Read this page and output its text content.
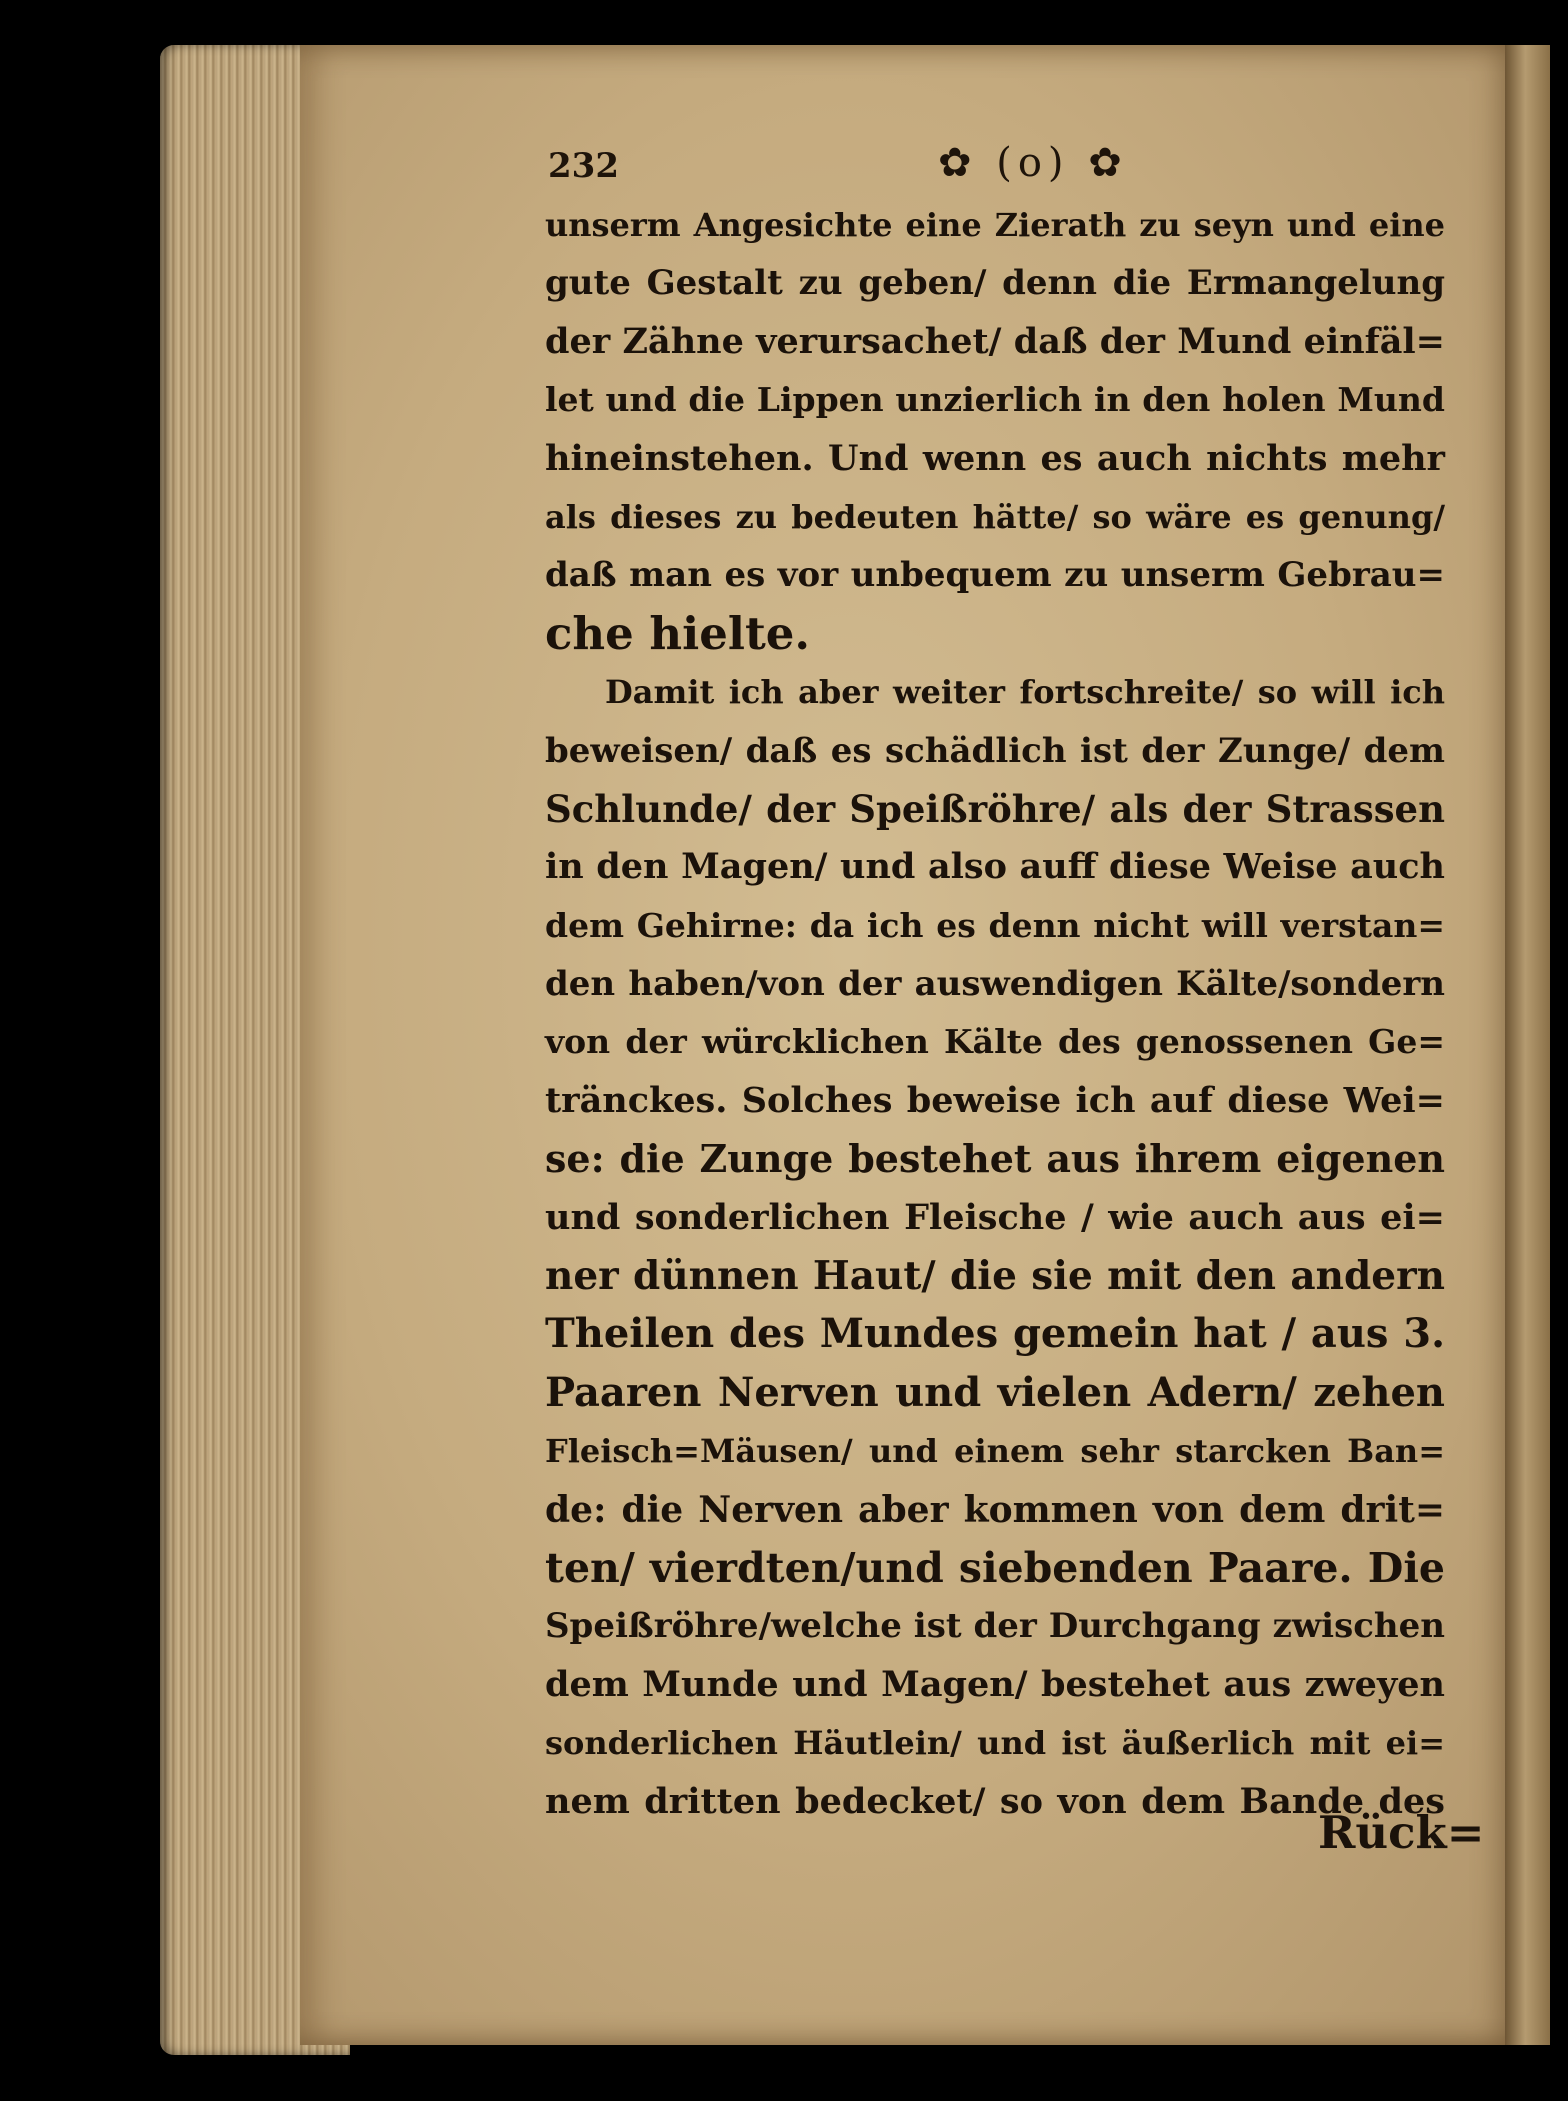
232	✿ (o) ✿
unserm Angesichte eine Zierath zu seyn und eine
gute Gestalt zu geben/ denn die Ermangelung
der Zähne verursachet/ daß der Mund einfäl=
let und die Lippen unzierlich in den holen Mund
hineinstehen. Und wenn es auch nichts mehr
als dieses zu bedeuten hätte/ so wäre es genung/
daß man es vor unbequem zu unserm Gebrau=
che hielte.
Damit ich aber weiter fortschreite/ so will ich
beweisen/ daß es schädlich ist der Zunge/ dem
Schlunde/ der Speißröhre/ als der Strassen
in den Magen/ und also auff diese Weise auch
dem Gehirne: da ich es denn nicht will verstan=
den haben/von der auswendigen Kälte/sondern
von der würcklichen Kälte des genossenen Ge=
tränckes. Solches beweise ich auf diese Wei=
se: die Zunge bestehet aus ihrem eigenen
und sonderlichen Fleische / wie auch aus ei=
ner dünnen Haut/ die sie mit den andern
Theilen des Mundes gemein hat / aus 3.
Paaren Nerven und vielen Adern/ zehen
Fleisch=Mäusen/ und einem sehr starcken Ban=
de: die Nerven aber kommen von dem drit=
ten/ vierdten/und siebenden Paare. Die
Speißröhre/welche ist der Durchgang zwischen
dem Munde und Magen/ bestehet aus zweyen
sonderlichen Häutlein/ und ist äußerlich mit ei=
nem dritten bedecket/ so von dem Bande des
Rück=
